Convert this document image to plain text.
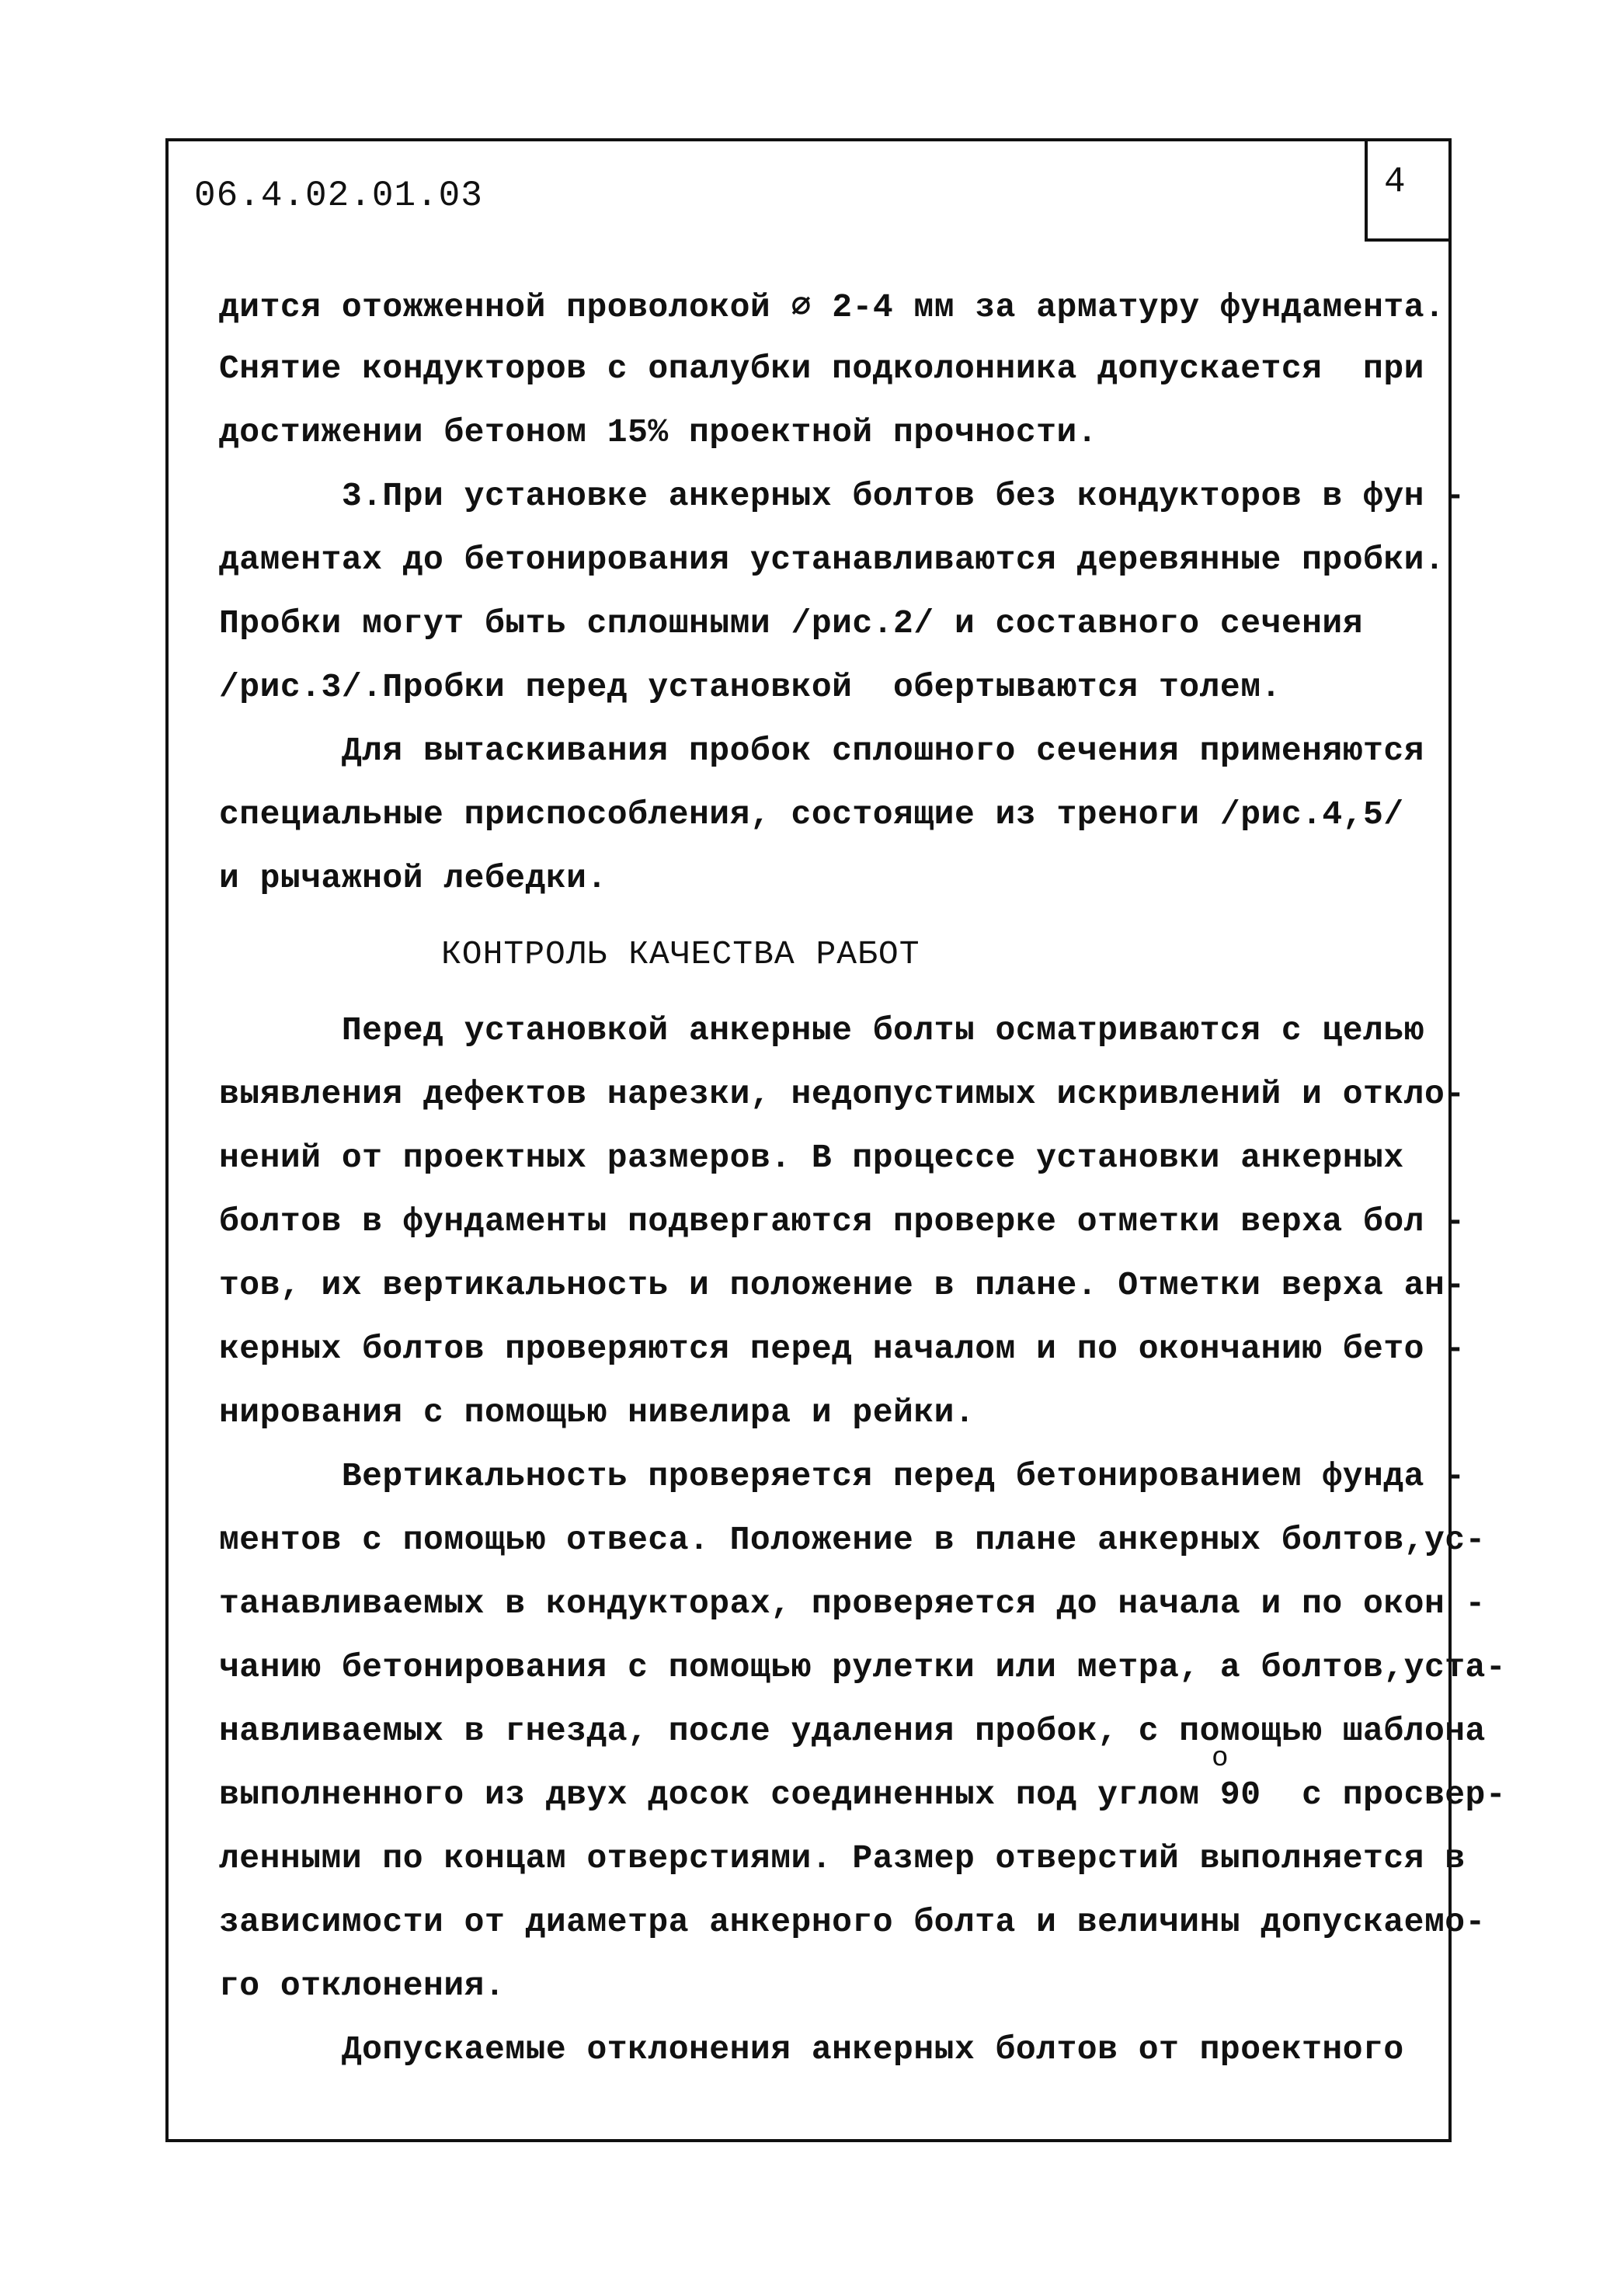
4
06.4.02.01.03
дится отожженной проволокой ∅ 2-4 мм за арматуру фундамента.
Снятие кондукторов с опалубки подколонника допускается  при
достижении бетоном 15% проектной прочности.
3.При установке анкерных болтов без кондукторов в фун -
даментах до бетонирования устанавливаются деревянные пробки.
Пробки могут быть сплошными /рис.2/ и составного сечения
/рис.3/.Пробки перед установкой  обертываются толем.
Для вытаскивания пробок сплошного сечения применяются
специальные приспособления, состоящие из треноги /рис.4,5/
и рычажной лебедки.
КОНТРОЛЬ КАЧЕСТВА РАБОТ
Перед установкой анкерные болты осматриваются с целью
выявления дефектов нарезки, недопустимых искривлений и откло-
нений от проектных размеров. В процессе установки анкерных
болтов в фундаменты подвергаются проверке отметки верха бол -
тов, их вертикальность и положение в плане. Отметки верха ан-
керных болтов проверяются перед началом и по окончанию бето -
нирования с помощью нивелира и рейки.
Вертикальность проверяется перед бетонированием фунда -
ментов с помощью отвеса. Положение в плане анкерных болтов,ус-
танавливаемых в кондукторах, проверяется до начала и по окон -
чанию бетонирования с помощью рулетки или метра, а болтов,уста-
навливаемых в гнезда, после удаления пробок, с помощью шаблона
выполненного из двух досок соединенных под углом 90  с просвер-
o
ленными по концам отверстиями. Размер отверстий выполняется в
зависимости от диаметра анкерного болта и величины допускаемо-
го отклонения.
Допускаемые отклонения анкерных болтов от проектного
